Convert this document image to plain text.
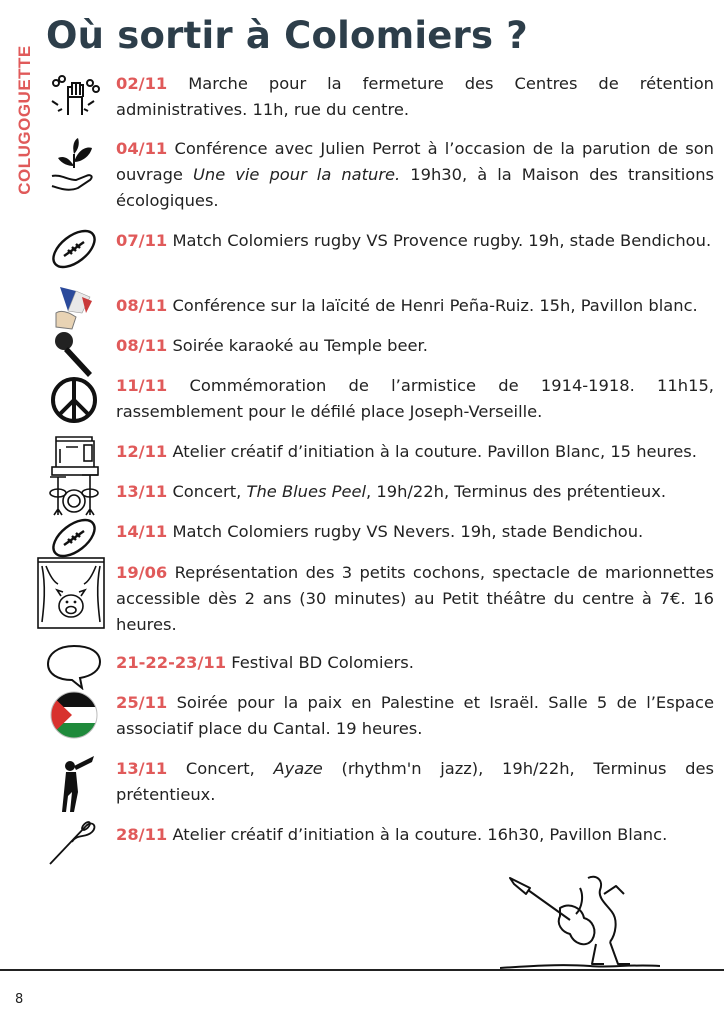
COLUGOGUETTE
Où sortir à Colomiers ?
02/11 Marche pour la fermeture des Centres de rétention administratives. 11h, rue du centre.
04/11 Conférence avec Julien Perrot à l’occasion de la parution de son ouvrage Une vie pour la nature. 19h30, à la Maison des transitions écologiques.
07/11 Match Colomiers rugby VS Provence rugby. 19h, stade Bendichou.
08/11 Conférence sur la laïcité de Henri Peña-Ruiz. 15h, Pavillon blanc.
08/11 Soirée karaoké au Temple beer.
11/11 Commémoration de l’armistice de 1914-1918. 11h15, rassemblement pour le défilé place Joseph-Verseille.
12/11 Atelier créatif d’initiation à la couture. Pavillon Blanc, 15 heures.
13/11 Concert, The Blues Peel, 19h/22h, Terminus des prétentieux.
14/11 Match Colomiers rugby VS Nevers. 19h, stade Bendichou.
19/06 Représentation des 3 petits cochons, spectacle de marionnettes accessible dès 2 ans (30 minutes) au Petit théâtre du centre à 7€. 16 heures.
21-22-23/11 Festival BD Colomiers.
25/11 Soirée pour la paix en Palestine et Israël. Salle 5 de l’Espace associatif place du Cantal. 19 heures.
13/11 Concert, Ayaze (rhythm'n jazz), 19h/22h, Terminus des prétentieux.
28/11 Atelier créatif d’initiation à la couture. 16h30, Pavillon Blanc.
8
